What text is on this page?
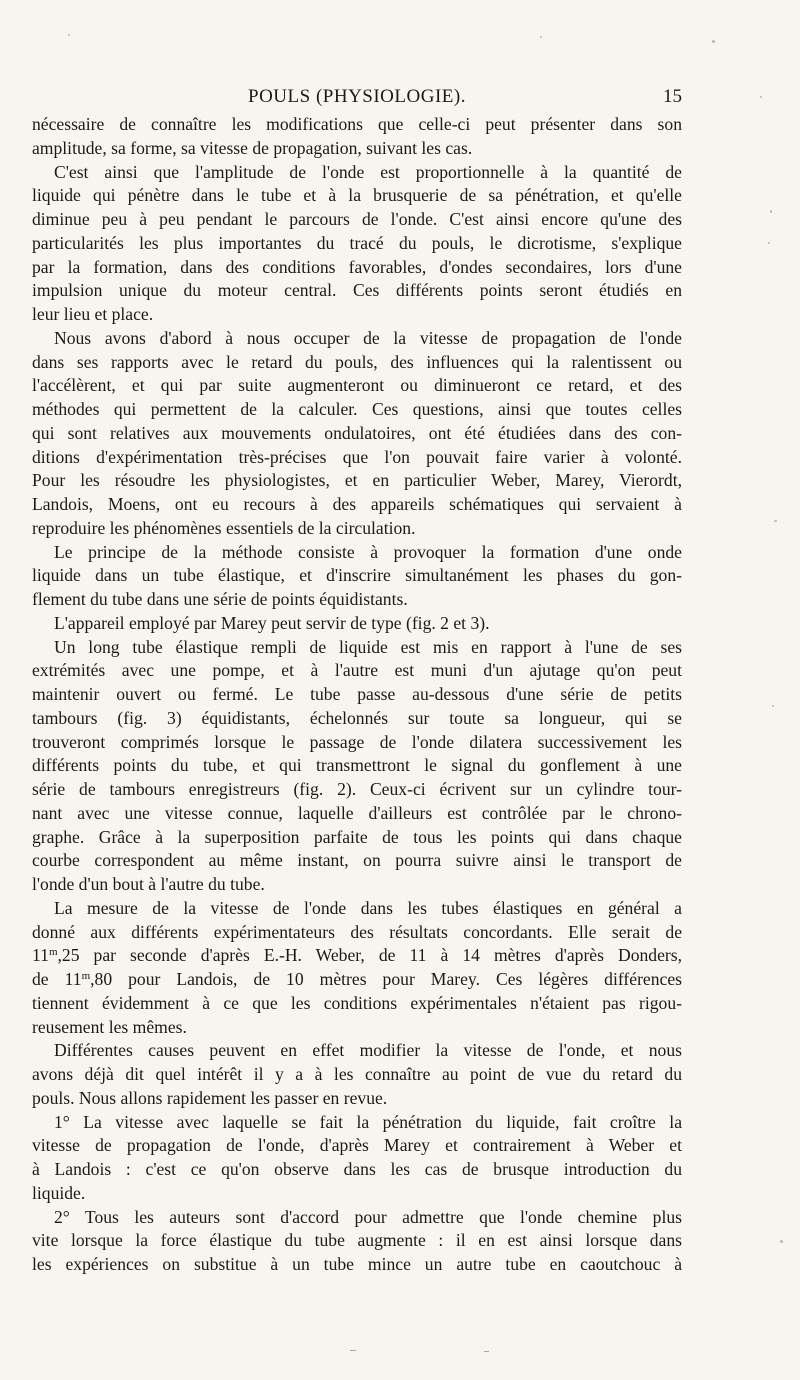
POULS (PHYSIOLOGIE).	15
nécessaire de connaître les modifications que celle-ci peut présenter dans son
amplitude, sa forme, sa vitesse de propagation, suivant les cas.
C'est ainsi que l'amplitude de l'onde est proportionnelle à la quantité de
liquide qui pénètre dans le tube et à la brusquerie de sa pénétration, et qu'elle
diminue peu à peu pendant le parcours de l'onde. C'est ainsi encore qu'une des
particularités les plus importantes du tracé du pouls, le dicrotisme, s'explique
par la formation, dans des conditions favorables, d'ondes secondaires, lors d'une
impulsion unique du moteur central. Ces différents points seront étudiés en
leur lieu et place.
Nous avons d'abord à nous occuper de la vitesse de propagation de l'onde
dans ses rapports avec le retard du pouls, des influences qui la ralentissent ou
l'accélèrent, et qui par suite augmenteront ou diminueront ce retard, et des
méthodes qui permettent de la calculer. Ces questions, ainsi que toutes celles
qui sont relatives aux mouvements ondulatoires, ont été étudiées dans des con-
ditions d'expérimentation très-précises que l'on pouvait faire varier à volonté.
Pour les résoudre les physiologistes, et en particulier Weber, Marey, Vierordt,
Landois, Moens, ont eu recours à des appareils schématiques qui servaient à
reproduire les phénomènes essentiels de la circulation.
Le principe de la méthode consiste à provoquer la formation d'une onde
liquide dans un tube élastique, et d'inscrire simultanément les phases du gon-
flement du tube dans une série de points équidistants.
L'appareil employé par Marey peut servir de type (fig. 2 et 3).
Un long tube élastique rempli de liquide est mis en rapport à l'une de ses
extrémités avec une pompe, et à l'autre est muni d'un ajutage qu'on peut
maintenir ouvert ou fermé. Le tube passe au-dessous d'une série de petits
tambours (fig. 3) équidistants, échelonnés sur toute sa longueur, qui se
trouveront comprimés lorsque le passage de l'onde dilatera successivement les
différents points du tube, et qui transmettront le signal du gonflement à une
série de tambours enregistreurs (fig. 2). Ceux-ci écrivent sur un cylindre tour-
nant avec une vitesse connue, laquelle d'ailleurs est contrôlée par le chrono-
graphe. Grâce à la superposition parfaite de tous les points qui dans chaque
courbe correspondent au même instant, on pourra suivre ainsi le transport de
l'onde d'un bout à l'autre du tube.
La mesure de la vitesse de l'onde dans les tubes élastiques en général a
donné aux différents expérimentateurs des résultats concordants. Elle serait de
11$^m$,25 par seconde d'après E.-H. Weber, de 11 à 14 mètres d'après Donders,
de 11$^m$,80 pour Landois, de 10 mètres pour Marey. Ces légères différences
tiennent évidemment à ce que les conditions expérimentales n'étaient pas rigou-
reusement les mêmes.
Différentes causes peuvent en effet modifier la vitesse de l'onde, et nous
avons déjà dit quel intérêt il y a à les connaître au point de vue du retard du
pouls. Nous allons rapidement les passer en revue.
1° La vitesse avec laquelle se fait la pénétration du liquide, fait croître la
vitesse de propagation de l'onde, d'après Marey et contrairement à Weber et
à Landois : c'est ce qu'on observe dans les cas de brusque introduction du
liquide.
2° Tous les auteurs sont d'accord pour admettre que l'onde chemine plus
vite lorsque la force élastique du tube augmente : il en est ainsi lorsque dans
les expériences on substitue à un tube mince un autre tube en caoutchouc à
